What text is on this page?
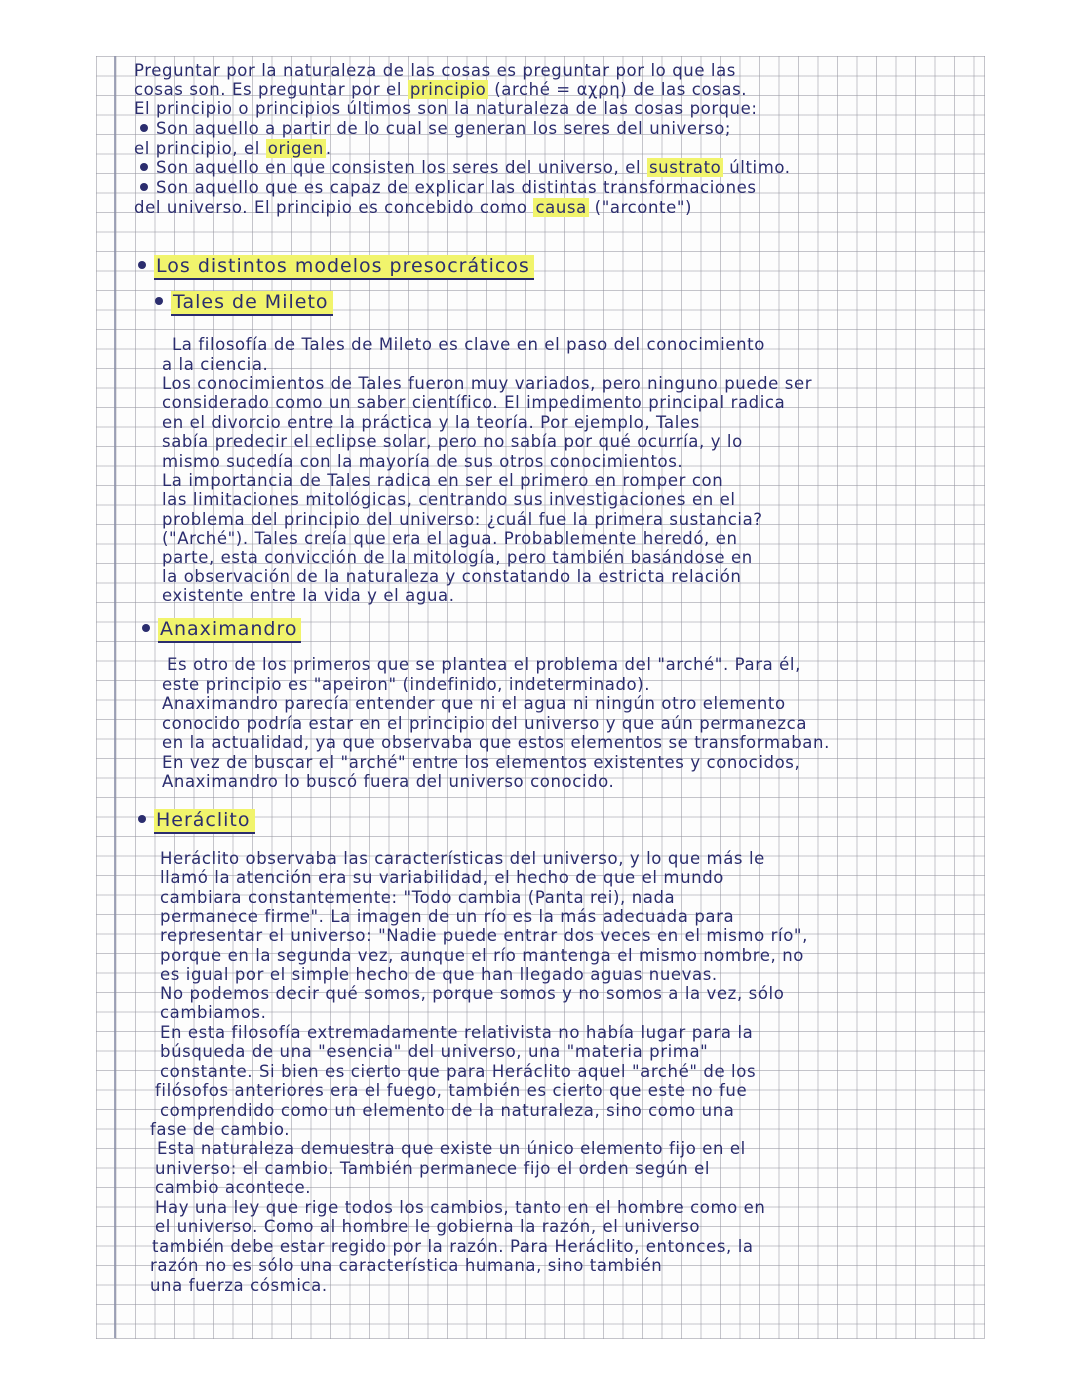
Preguntar por la naturaleza de las cosas es preguntar por lo que las
cosas son. Es preguntar por el principio (arché = αχρη) de las cosas.
El principio o principios últimos son la naturaleza de las cosas porque:
Son aquello a partir de lo cual se generan los seres del universo;
el principio, el origen .
Son aquello en que consisten los seres del universo, el sustrato último.
Son aquello que es capaz de explicar las distintas transformaciones
del universo. El principio es concebido como causa ("arconte")
Los distintos modelos presocráticos
Tales de Mileto
La filosofía de Tales de Mileto es clave en el paso del conocimiento
a la ciencia.
Los conocimientos de Tales fueron muy variados, pero ninguno puede ser
considerado como un saber científico. El impedimento principal radica
en el divorcio entre la práctica y la teoría. Por ejemplo, Tales
sabía predecir el eclipse solar, pero no sabía por qué ocurría, y lo
mismo sucedía con la mayoría de sus otros conocimientos.
La importancia de Tales radica en ser el primero en romper con
las limitaciones mitológicas, centrando sus investigaciones en el
problema del principio del universo: ¿cuál fue la primera sustancia?
("Arché"). Tales creía que era el agua. Probablemente heredó, en
parte, esta convicción de la mitología, pero también basándose en
la observación de la naturaleza y constatando la estricta relación
existente entre la vida y el agua.
Anaximandro
Es otro de los primeros que se plantea el problema del "arché". Para él,
este principio es "apeiron" (indefinido, indeterminado).
Anaximandro parecía entender que ni el agua ni ningún otro elemento
conocido podría estar en el principio del universo y que aún permanezca
en la actualidad, ya que observaba que estos elementos se transformaban.
En vez de buscar el "arché" entre los elementos existentes y conocidos,
Anaximandro lo buscó fuera del universo conocido.
Heráclito
Heráclito observaba las características del universo, y lo que más le
llamó la atención era su variabilidad, el hecho de que el mundo
cambiara constantemente: "Todo cambia (Panta rei), nada
permanece firme". La imagen de un río es la más adecuada para
representar el universo: "Nadie puede entrar dos veces en el mismo río",
porque en la segunda vez, aunque el río mantenga el mismo nombre, no
es igual por el simple hecho de que han llegado aguas nuevas.
No podemos decir qué somos, porque somos y no somos a la vez, sólo
cambiamos.
En esta filosofía extremadamente relativista no había lugar para la
búsqueda de una "esencia" del universo, una "materia prima"
constante. Si bien es cierto que para Heráclito aquel "arché" de los
filósofos anteriores era el fuego, también es cierto que este no fue
comprendido como un elemento de la naturaleza, sino como una
fase de cambio.
Esta naturaleza demuestra que existe un único elemento fijo en el
universo: el cambio. También permanece fijo el orden según el
cambio acontece.
Hay una ley que rige todos los cambios, tanto en el hombre como en
el universo. Como al hombre le gobierna la razón, el universo
también debe estar regido por la razón. Para Heráclito, entonces, la
razón no es sólo una característica humana, sino también
una fuerza cósmica.
